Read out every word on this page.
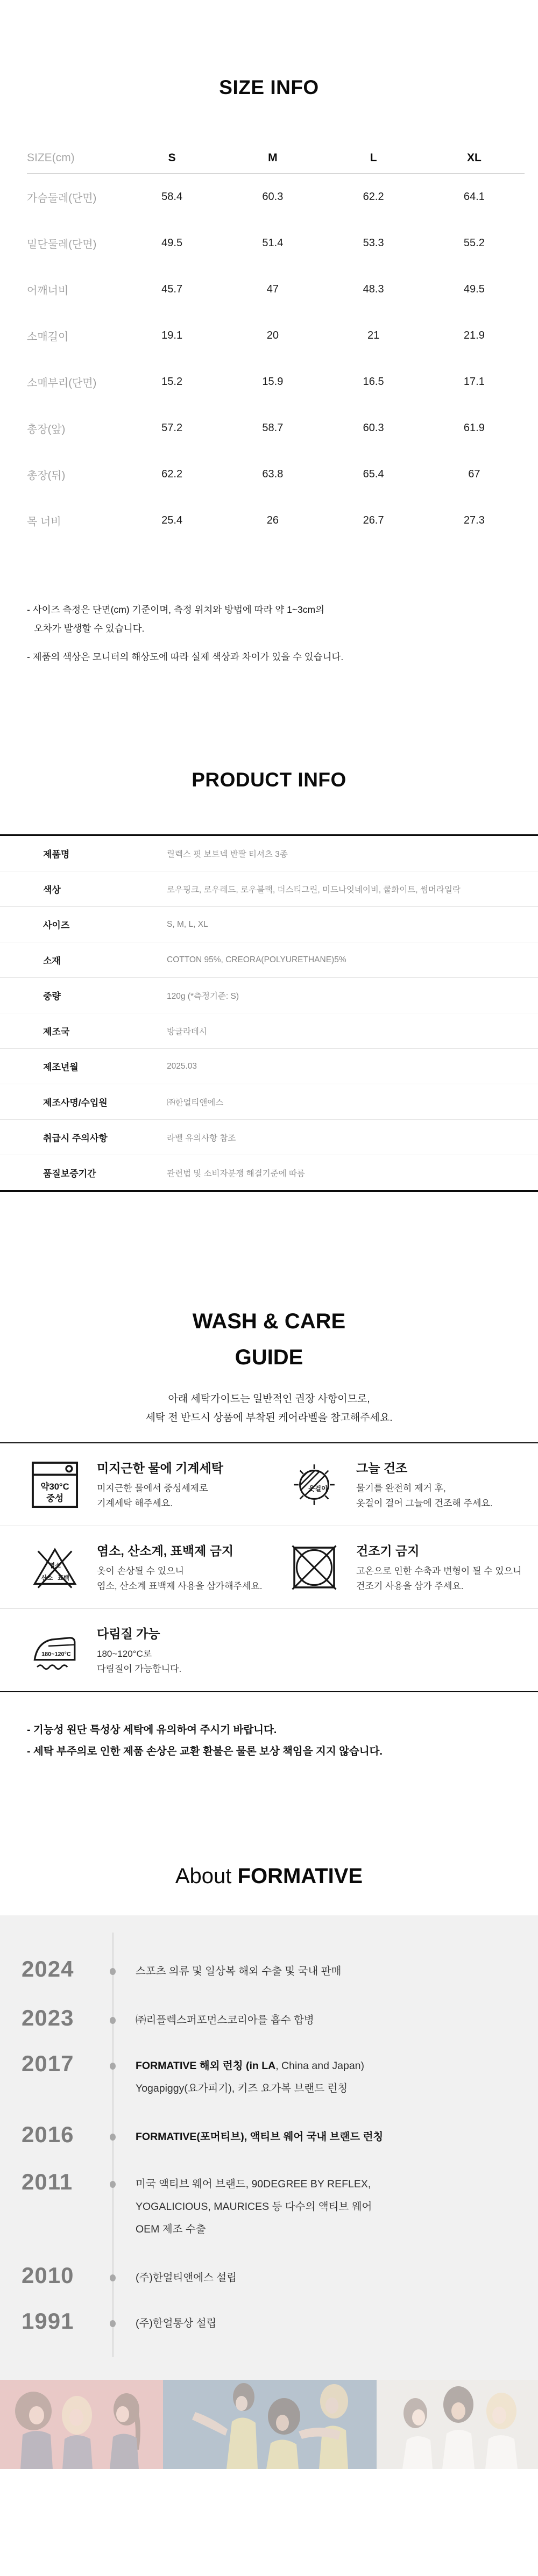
SIZE INFO
SIZE(cm)	S	M	L	XL
가슴둘레(단면)	58.4	60.3	62.2	64.1
밑단둘레(단면)	49.5	51.4	53.3	55.2
어깨너비	45.7	47	48.3	49.5
소매길이	19.1	20	21	21.9
소매부리(단면)	15.2	15.9	16.5	17.1
총장(앞)	57.2	58.7	60.3	61.9
총장(뒤)	62.2	63.8	65.4	67
목 너비	25.4	26	26.7	27.3
- 사이즈 측정은 단면(cm) 기준이며, 측정 위치와 방법에 따라 약 1~3cm의
오차가 발생할 수 있습니다.
- 제품의 색상은 모니터의 해상도에 따라 실제 색상과 차이가 있을 수 있습니다.
PRODUCT INFO
제품명	릴렉스 핏 보트넥 반팔 티셔츠 3종
색상	로우핑크, 로우레드, 로우블랙, 더스티그린, 미드나잇네이비, 쿨화이트, 썸머라일락
사이즈	S, M, L, XL
소재	COTTON 95%, CREORA(POLYURETHANE)5%
중량	120g (*측정기준: S)
제조국	방글라데시
제조년월	2025.03
제조사명/수입원	㈜한얼티앤에스
취급시 주의사항	라벨 유의사항 참조
품질보증기간	관련법 및 소비자분쟁 해결기준에 따름
WASH & CARE
GUIDE
아래 세탁가이드는 일반적인 권장 사항이므로,
세탁 전 반드시 상품에 부착된 케어라벨을 참고해주세요.
약30°C
중성
미지근한 물에 기계세탁
미지근한 물에서 중성세제로
기계세탁 해주세요.
옷걸이
그늘 건조
물기를 완전히 제거 후,
옷걸이 걸어 그늘에 건조해 주세요.
염소
산소 표백
염소, 산소계, 표백제 금지
옷이 손상될 수 있으니
염소, 산소계 표백제 사용을 삼가해주세요.
건조기 금지
고온으로 인한 수축과 변형이 될 수 있으니
건조기 사용을 삼가 주세요.
180~120°C
다림질 가능
180~120°C로
다림질이 가능합니다.
- 기능성 원단 특성상 세탁에 유의하여 주시기 바랍니다.
- 세탁 부주의로 인한 제품 손상은 교환 환불은 물론 보상 책임을 지지 않습니다.
About FORMATIVE
2024	스포츠 의류 및 일상복 해외 수출 및 국내 판매
2023	㈜리플렉스퍼포먼스코리아를 흡수 합병
2017	FORMATIVE 해외 런칭 (in LA, China and Japan)
Yogapiggy(요가피기), 키즈 요가복 브랜드 런칭
2016	FORMATIVE(포머티브), 액티브 웨어 국내 브랜드 런칭
2011	미국 액티브 웨어 브랜드, 90DEGREE BY REFLEX,
YOGALICIOUS, MAURICES 등 다수의 액티브 웨어
OEM 제조 수출
2010	(주)한얼티앤에스 설립
1991	(주)한얼통상 설립
